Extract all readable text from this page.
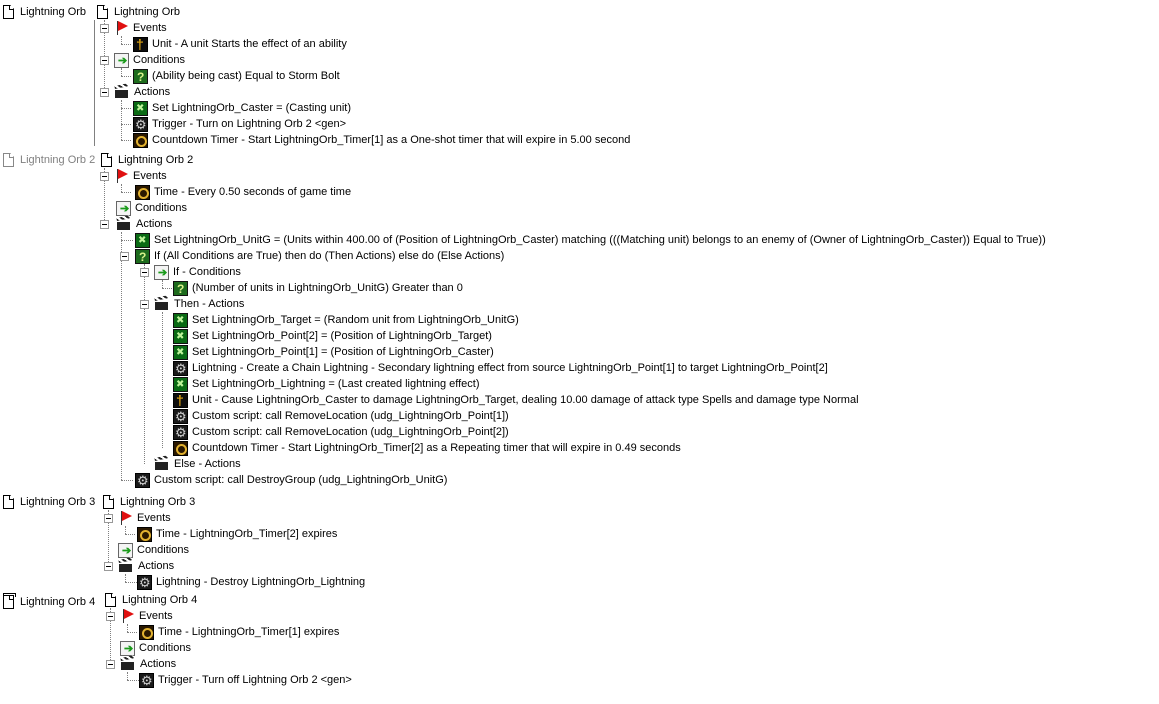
Lightning Orb
Lightning Orb 2
Lightning Orb 3
Lightning Orb 4
Lightning Orb
Events
†
Unit - A unit Starts the effect of an ability
➔
Conditions
?
(Ability being cast) Equal to Storm Bolt
Actions
✖
Set LightningOrb_Caster = (Casting unit)
⚙
Trigger - Turn on Lightning Orb 2 <gen>
Countdown Timer - Start LightningOrb_Timer[1] as a One-shot timer that will expire in 5.00 second
Lightning Orb 2
Events
Time - Every 0.50 seconds of game time
➔
Conditions
Actions
✖
Set LightningOrb_UnitG = (Units within 400.00 of (Position of LightningOrb_Caster) matching (((Matching unit) belongs to an enemy of (Owner of LightningOrb_Caster)) Equal to True))
?
If (All Conditions are True) then do (Then Actions) else do (Else Actions)
➔
If - Conditions
?
(Number of units in LightningOrb_UnitG) Greater than 0
Then - Actions
✖
Set LightningOrb_Target = (Random unit from LightningOrb_UnitG)
✖
Set LightningOrb_Point[2] = (Position of LightningOrb_Target)
✖
Set LightningOrb_Point[1] = (Position of LightningOrb_Caster)
⚙
Lightning - Create a Chain Lightning - Secondary lightning effect from source LightningOrb_Point[1] to target LightningOrb_Point[2]
✖
Set LightningOrb_Lightning = (Last created lightning effect)
†
Unit - Cause LightningOrb_Caster to damage LightningOrb_Target, dealing 10.00 damage of attack type Spells and damage type Normal
⚙
Custom script: call RemoveLocation (udg_LightningOrb_Point[1])
⚙
Custom script: call RemoveLocation (udg_LightningOrb_Point[2])
Countdown Timer - Start LightningOrb_Timer[2] as a Repeating timer that will expire in 0.49 seconds
Else - Actions
⚙
Custom script: call DestroyGroup (udg_LightningOrb_UnitG)
Lightning Orb 3
Events
Time - LightningOrb_Timer[2] expires
➔
Conditions
Actions
⚙
Lightning - Destroy LightningOrb_Lightning
Lightning Orb 4
Events
Time - LightningOrb_Timer[1] expires
➔
Conditions
Actions
⚙
Trigger - Turn off Lightning Orb 2 <gen>
